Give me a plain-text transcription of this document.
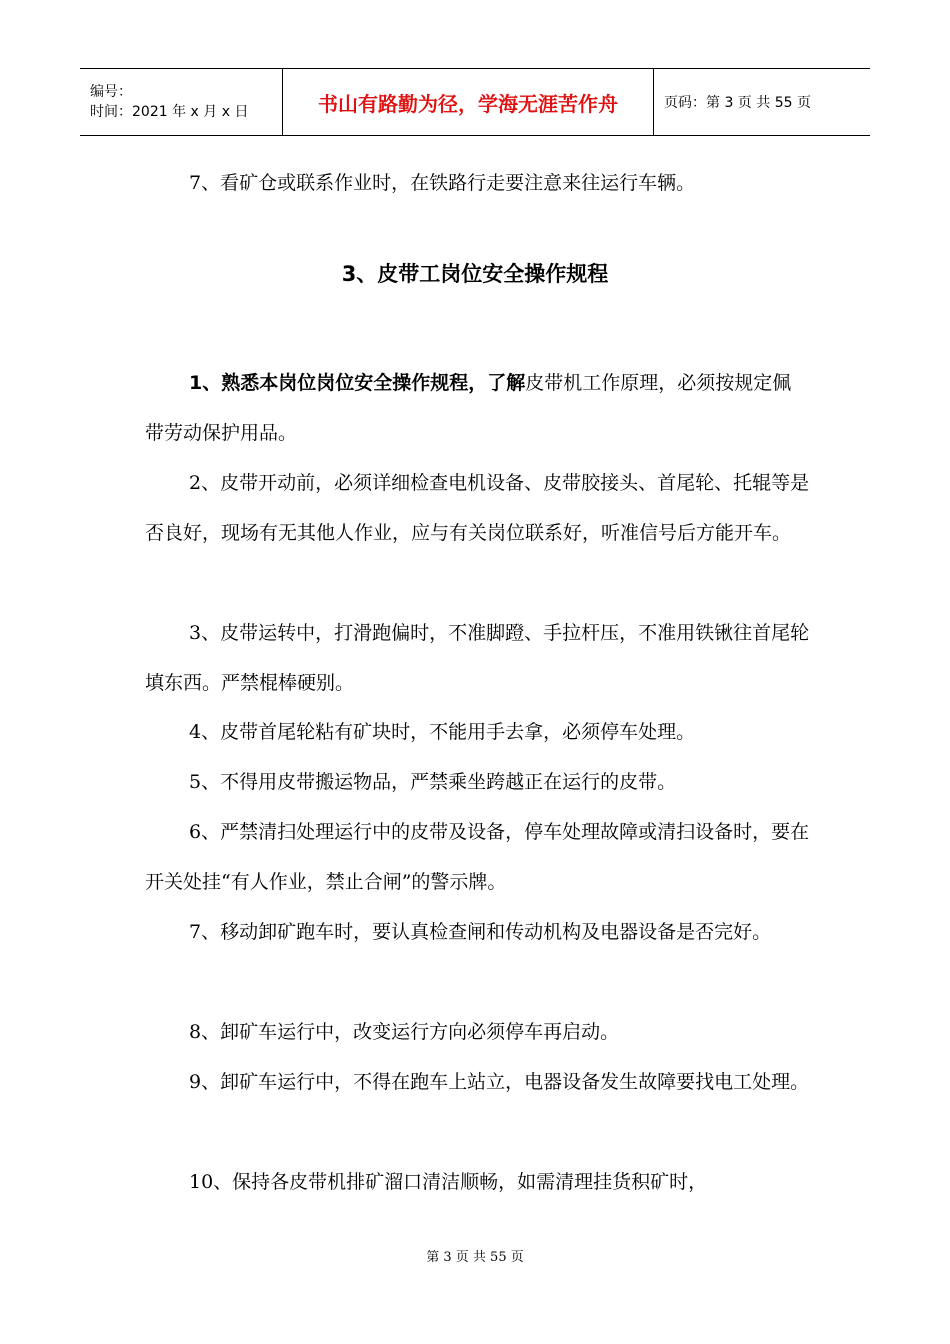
编号：
时间：2021 年 x 月 x 日	书山有路勤为径，学海无涯苦作舟	页码：第 3 页 共 55 页

7、看矿仓或联系作业时，在铁路行走要注意来往运行车辆。

3、皮带工岗位安全操作规程

1、熟悉本岗位岗位安全操作规程，了解皮带机工作原理，必须按规定佩带劳动保护用品。

2、皮带开动前，必须详细检查电机设备、皮带胶接头、首尾轮、托辊等是否良好，现场有无其他人作业，应与有关岗位联系好，听准信号后方能开车。

3、皮带运转中，打滑跑偏时，不准脚蹬、手拉杆压，不准用铁锹往首尾轮填东西。严禁棍棒硬别。

4、皮带首尾轮粘有矿块时，不能用手去拿，必须停车处理。

5、不得用皮带搬运物品，严禁乘坐跨越正在运行的皮带。

6、严禁清扫处理运行中的皮带及设备，停车处理故障或清扫设备时，要在开关处挂“有人作业，禁止合闸”的警示牌。

7、移动卸矿跑车时，要认真检查闸和传动机构及电器设备是否完好。

8、卸矿车运行中，改变运行方向必须停车再启动。

9、卸矿车运行中，不得在跑车上站立，电器设备发生故障要找电工处理。

10、保持各皮带机排矿溜口清洁顺畅，如需清理挂货积矿时，

第 3 页 共 55 页
